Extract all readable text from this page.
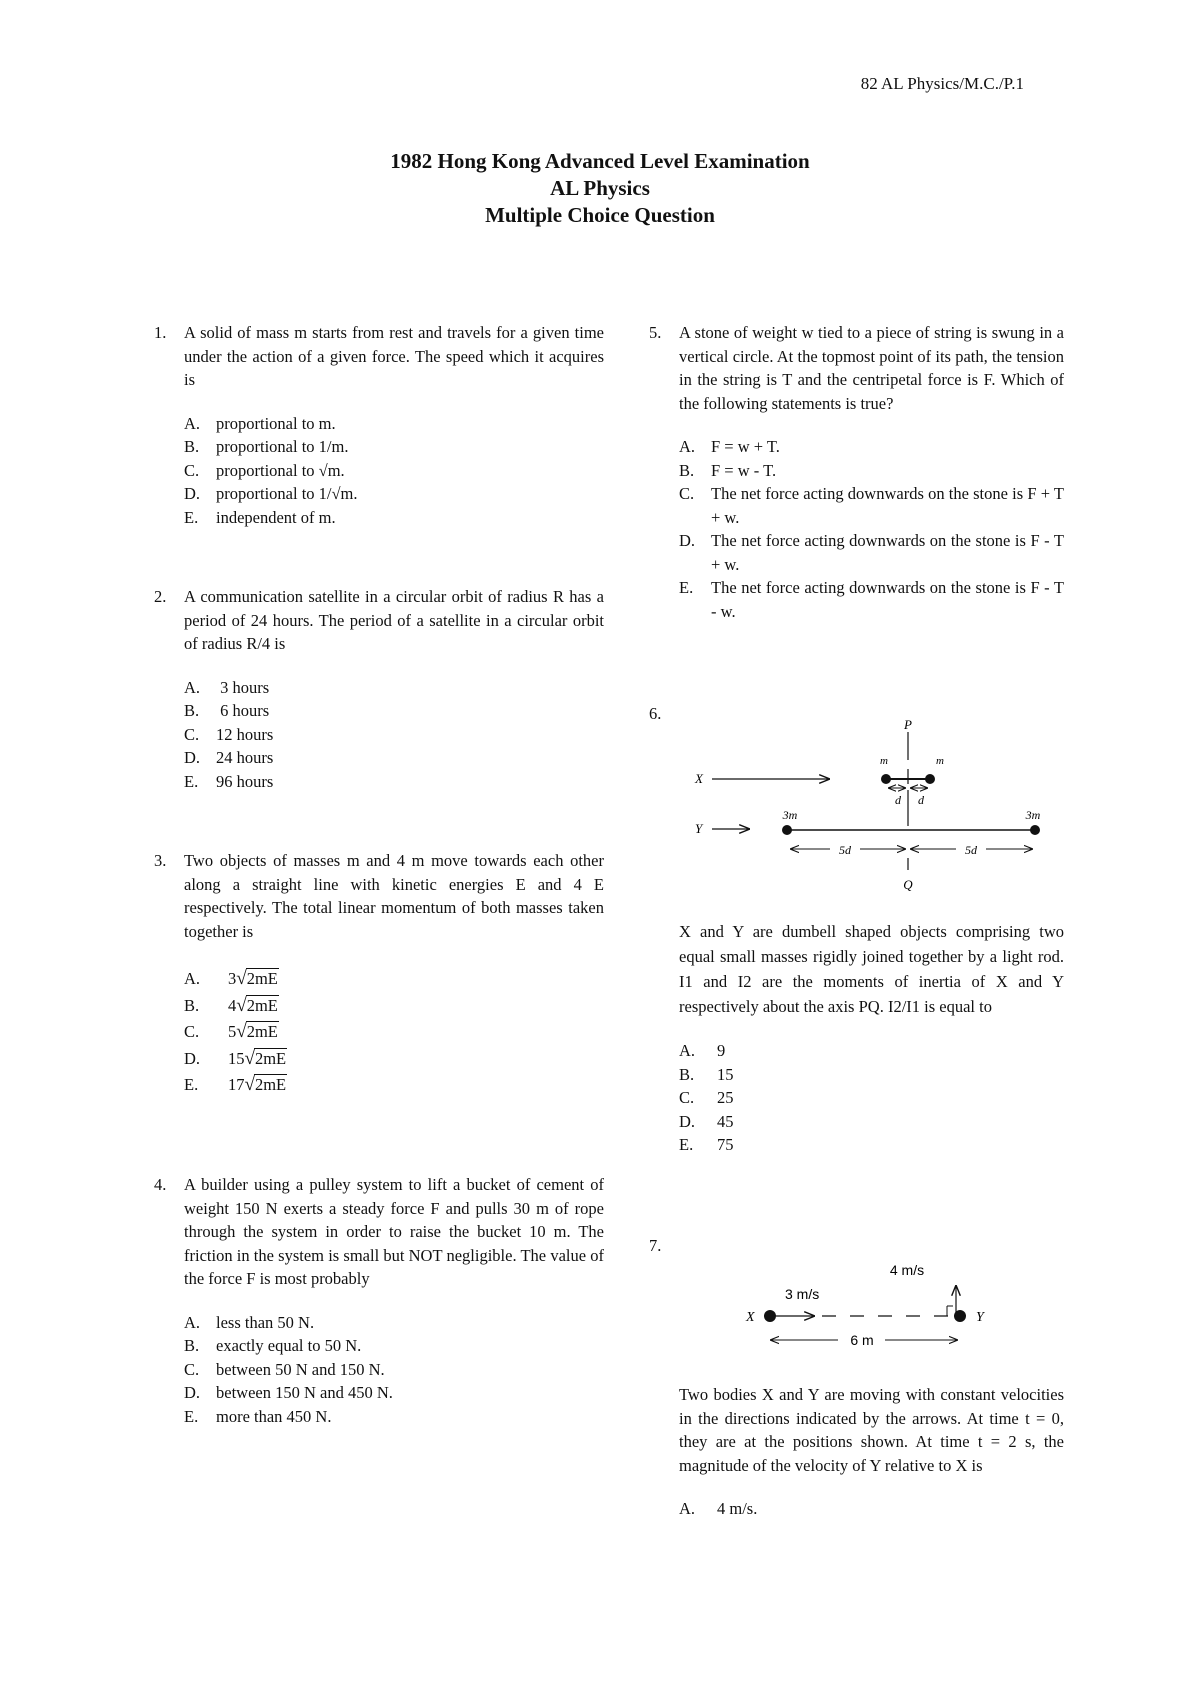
82 AL Physics/M.C./P.1
1982 Hong Kong Advanced Level Examination
AL Physics
Multiple Choice Question
1. A solid of mass m starts from rest and travels for a given time under the action of a given force. The speed which it acquires is
A. proportional to m.
B.	proportional to 1/m.
C.	proportional to √m.
D. proportional to 1/√m.
E.	independent of m.
2. A communication satellite in a circular orbit of radius R has a period of 24 hours. The period of a satellite in a circular orbit of radius R/4 is
A. 3 hours
B.	6 hours
C.	12 hours
D. 24 hours
E.	96 hours
3. Two objects of masses m and 4 m move towards each other along a straight line with kinetic energies E and 4 E respectively. The total linear momentum of both masses taken together is
A.	3√2mE
B.	4√2mE
C.	5√2mE
D.	15√2mE
E.	17√2mE
4. A builder using a pulley system to lift a bucket of cement of weight 150 N exerts a steady force F and pulls 30 m of rope through the system in order to raise the bucket 10 m. The friction in the system is small but NOT negligible. The value of the force F is most probably
A. less than 50 N.
B.	exactly equal to 50 N.
C.	between 50 N and 150 N.
D. between 150 N and 450 N.
E.	more than 450 N.
5. A stone of weight w tied to a piece of string is swung in a vertical circle. At the topmost point of its path, the tension in the string is T and the centripetal force is F. Which of the following statements is true?
A. F = w + T.
B.	F = w - T.
C.	The net force acting downwards on the stone is F + T + w.
D. The net force acting downwards on the stone is F - T + w.
E.	The net force acting downwards on the stone is F - T - w.
6.
P
Q
X
m	m
d d
Y
3m	3m
5d	5d
X and Y are dumbell shaped objects comprising two equal small masses rigidly joined together by a light rod. I1 and I2 are the moments of inertia of X and Y respectively about the axis PQ. I2/I1 is equal to
A.	9
B.	15
C.	25
D.	45
E.	75
7.
4 m/s
3 m/s
X	Y
6 m
Two bodies X and Y are moving with constant velocities in the directions indicated by the arrows. At time t = 0, they are at the positions shown. At time t = 2 s, the magnitude of the velocity of Y relative to X is
A.	4 m/s.
